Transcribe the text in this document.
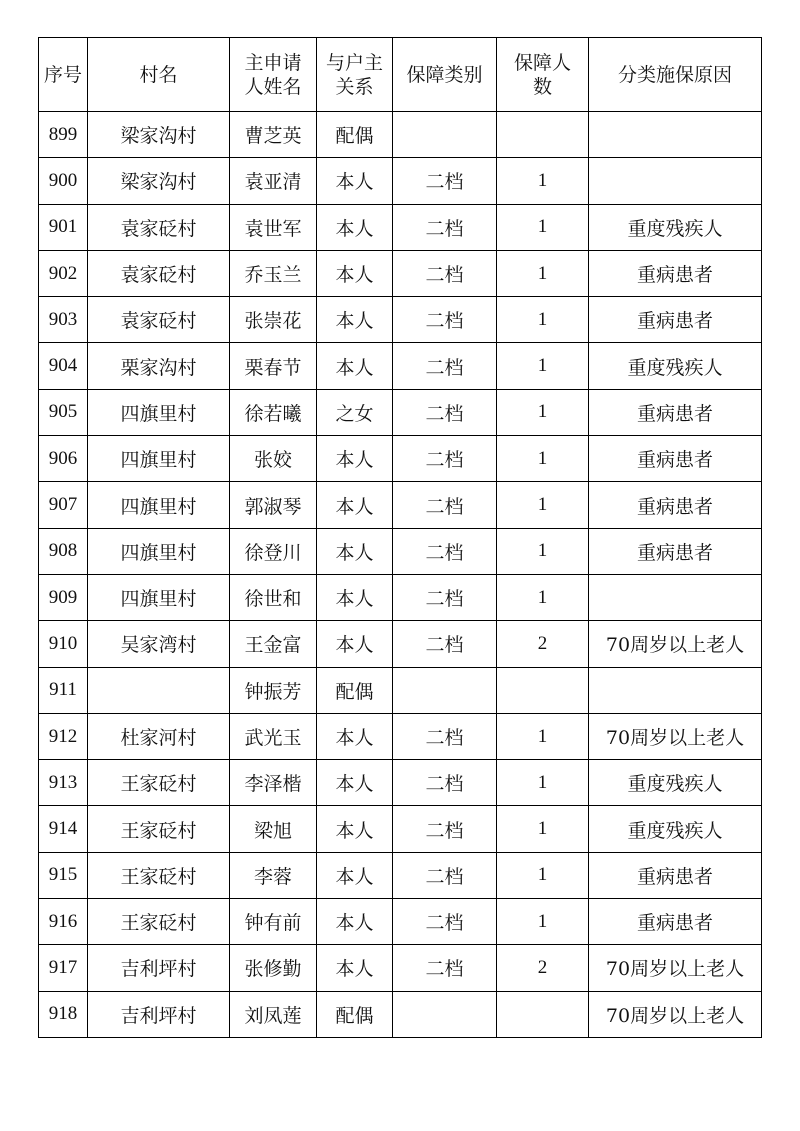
序号	村名	主申请人姓名	与户主关系	保障类别	保障人数	分类施保原因
899	梁家沟村	曹芝英	配偶			
900	梁家沟村	袁亚清	本人	二档	1	
901	袁家砭村	袁世军	本人	二档	1	重度残疾人
902	袁家砭村	乔玉兰	本人	二档	1	重病患者
903	袁家砭村	张崇花	本人	二档	1	重病患者
904	栗家沟村	栗春节	本人	二档	1	重度残疾人
905	四旗里村	徐若曦	之女	二档	1	重病患者
906	四旗里村	张姣	本人	二档	1	重病患者
907	四旗里村	郭淑琴	本人	二档	1	重病患者
908	四旗里村	徐登川	本人	二档	1	重病患者
909	四旗里村	徐世和	本人	二档	1	
910	吴家湾村	王金富	本人	二档	2	70周岁以上老人
911		钟振芳	配偶			
912	杜家河村	武光玉	本人	二档	1	70周岁以上老人
913	王家砭村	李泽楷	本人	二档	1	重度残疾人
914	王家砭村	梁旭	本人	二档	1	重度残疾人
915	王家砭村	李蓉	本人	二档	1	重病患者
916	王家砭村	钟有前	本人	二档	1	重病患者
917	吉利坪村	张修勤	本人	二档	2	70周岁以上老人
918	吉利坪村	刘凤莲	配偶			70周岁以上老人
